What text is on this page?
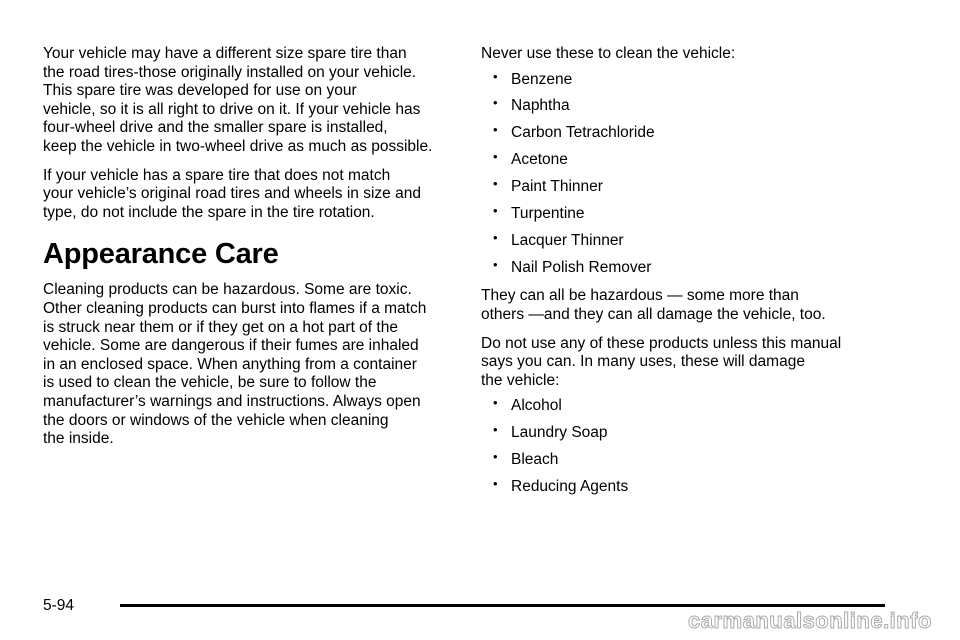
Your vehicle may have a different size spare tire than
the road tires-those originally installed on your vehicle.
This spare tire was developed for use on your
vehicle, so it is all right to drive on it. If your vehicle has
four-wheel drive and the smaller spare is installed,
keep the vehicle in two-wheel drive as much as possible.

If your vehicle has a spare tire that does not match
your vehicle’s original road tires and wheels in size and
type, do not include the spare in the tire rotation.

Appearance Care

Cleaning products can be hazardous. Some are toxic.
Other cleaning products can burst into flames if a match
is struck near them or if they get on a hot part of the
vehicle. Some are dangerous if their fumes are inhaled
in an enclosed space. When anything from a container
is used to clean the vehicle, be sure to follow the
manufacturer’s warnings and instructions. Always open
the doors or windows of the vehicle when cleaning
the inside.

Never use these to clean the vehicle:

• Benzene
• Naphtha
• Carbon Tetrachloride
• Acetone
• Paint Thinner
• Turpentine
• Lacquer Thinner
• Nail Polish Remover

They can all be hazardous — some more than
others —and they can all damage the vehicle, too.

Do not use any of these products unless this manual
says you can. In many uses, these will damage
the vehicle:

• Alcohol
• Laundry Soap
• Bleach
• Reducing Agents
5-94
carmanualsonline.info
